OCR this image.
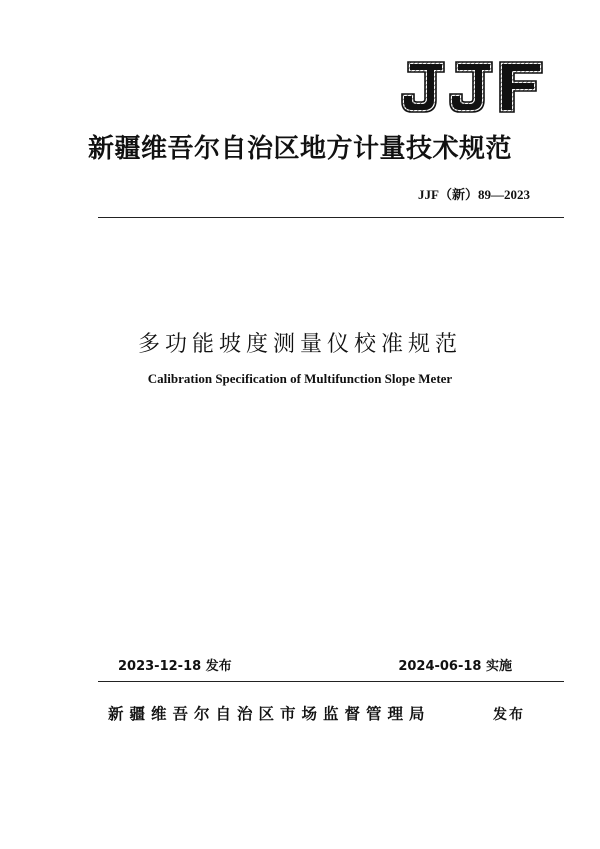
新疆维吾尔自治区地方计量技术规范
JJF（新）89—2023
多功能坡度测量仪校准规范
Calibration Specification of Multifunction Slope Meter
2023-12-18 发布	2024-06-18 实施
新疆维吾尔自治区市场监督管理局	发布
